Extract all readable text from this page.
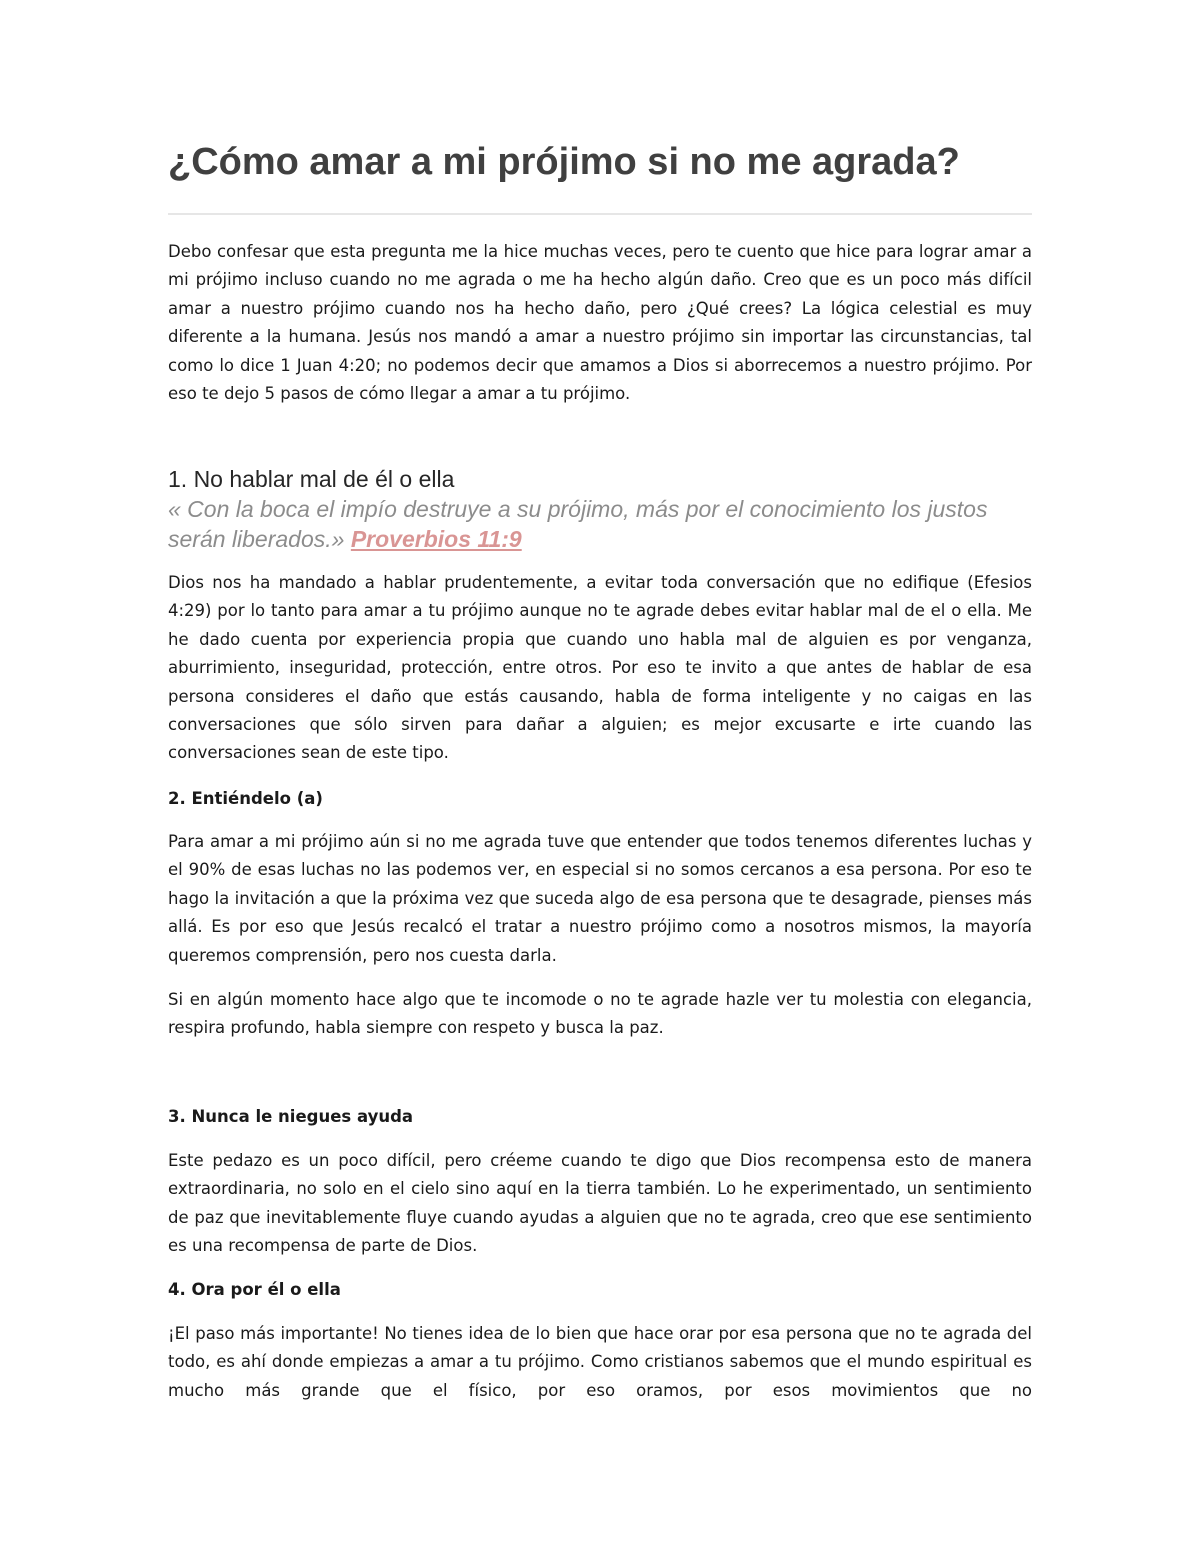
¿Cómo amar a mi prójimo si no me agrada?

Debo confesar que esta pregunta me la hice muchas veces, pero te cuento que hice para lograr amar a mi prójimo incluso cuando no me agrada o me ha hecho algún daño. Creo que es un poco más difícil amar a nuestro prójimo cuando nos ha hecho daño, pero ¿Qué crees? La lógica celestial es muy diferente a la humana. Jesús nos mandó a amar a nuestro prójimo sin importar las circunstancias, tal como lo dice 1 Juan 4:20; no podemos decir que amamos a Dios si aborrecemos a nuestro prójimo. Por eso te dejo 5 pasos de cómo llegar a amar a tu prójimo.

1. No hablar mal de él o ella

« Con la boca el impío destruye a su prójimo, más por el conocimiento los justos serán liberados.» Proverbios 11:9

Dios nos ha mandado a hablar prudentemente, a evitar toda conversación que no edifique (Efesios 4:29) por lo tanto para amar a tu prójimo aunque no te agrade debes evitar hablar mal de el o ella. Me he dado cuenta por experiencia propia que cuando uno habla mal de alguien es por venganza, aburrimiento, inseguridad, protección, entre otros. Por eso te invito a que antes de hablar de esa persona consideres el daño que estás causando, habla de forma inteligente y no caigas en las conversaciones que sólo sirven para dañar a alguien; es mejor excusarte e irte cuando las conversaciones sean de este tipo.

2. Entiéndelo (a)

Para amar a mi prójimo aún si no me agrada tuve que entender que todos tenemos diferentes luchas y el 90% de esas luchas no las podemos ver, en especial si no somos cercanos a esa persona. Por eso te hago la invitación a que la próxima vez que suceda algo de esa persona que te desagrade, pienses más allá. Es por eso que Jesús recalcó el tratar a nuestro prójimo como a nosotros mismos, la mayoría queremos comprensión, pero nos cuesta darla.

Si en algún momento hace algo que te incomode o no te agrade hazle ver tu molestia con elegancia, respira profundo, habla siempre con respeto y busca la paz.

3. Nunca le niegues ayuda

Este pedazo es un poco difícil, pero créeme cuando te digo que Dios recompensa esto de manera extraordinaria, no solo en el cielo sino aquí en la tierra también. Lo he experimentado, un sentimiento de paz que inevitablemente fluye cuando ayudas a alguien que no te agrada, creo que ese sentimiento es una recompensa de parte de Dios.

4. Ora por él o ella

¡El paso más importante! No tienes idea de lo bien que hace orar por esa persona que no te agrada del todo, es ahí donde empiezas a amar a tu prójimo. Como cristianos sabemos que el mundo espiritual es mucho más grande que el físico, por eso oramos, por esos movimientos que no
